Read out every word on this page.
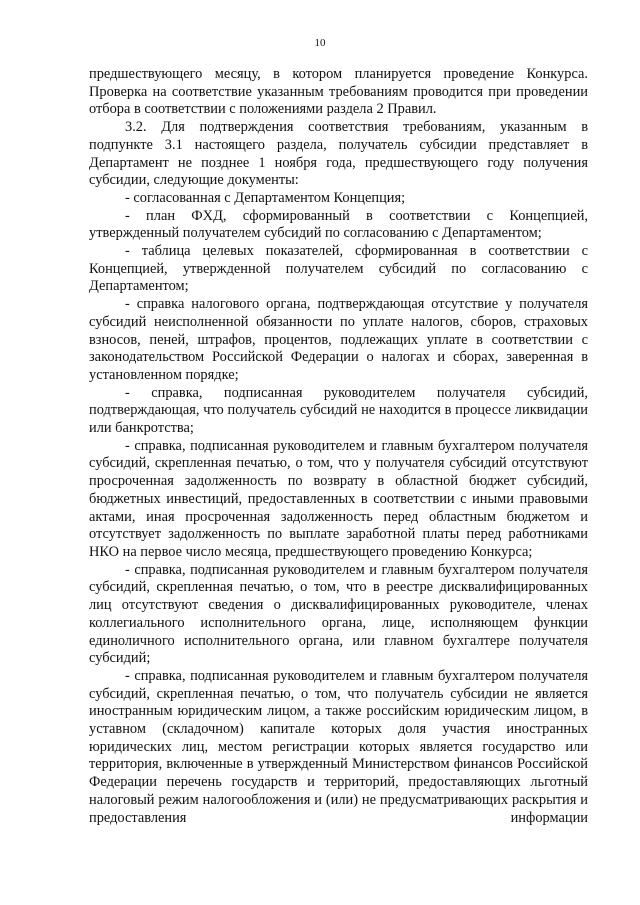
10

предшествующего месяцу, в котором планируется проведение Конкурса. Проверка на соответствие указанным требованиям проводится при проведении отбора в соответствии с положениями раздела 2 Правил.

3.2. Для подтверждения соответствия требованиям, указанным в подпункте 3.1 настоящего раздела, получатель субсидии представляет в Департамент не позднее 1 ноября года, предшествующего году получения субсидии, следующие документы:

- согласованная с Департаментом Концепция;

- план ФХД, сформированный в соответствии с Концепцией, утвержденный получателем субсидий по согласованию с Департаментом;

- таблица целевых показателей, сформированная в соответствии с Концепцией, утвержденной получателем субсидий по согласованию с Департаментом;

- справка налогового органа, подтверждающая отсутствие у получателя субсидий неисполненной обязанности по уплате налогов, сборов, страховых взносов, пеней, штрафов, процентов, подлежащих уплате в соответствии с законодательством Российской Федерации о налогах и сборах, заверенная в установленном порядке;

- справка, подписанная руководителем получателя субсидий, подтверждающая, что получатель субсидий не находится в процессе ликвидации или банкротства;

- справка, подписанная руководителем и главным бухгалтером получателя субсидий, скрепленная печатью, о том, что у получателя субсидий отсутствуют просроченная задолженность по возврату в областной бюджет субсидий, бюджетных инвестиций, предоставленных в соответствии с иными правовыми актами, иная просроченная задолженность перед областным бюджетом и отсутствует задолженность по выплате заработной платы перед работниками НКО на первое число месяца, предшествующего проведению Конкурса;

- справка, подписанная руководителем и главным бухгалтером получателя субсидий, скрепленная печатью, о том, что в реестре дисквалифицированных лиц отсутствуют сведения о дисквалифицированных руководителе, членах коллегиального исполнительного органа, лице, исполняющем функции единоличного исполнительного органа, или главном бухгалтере получателя субсидий;

- справка, подписанная руководителем и главным бухгалтером получателя субсидий, скрепленная печатью, о том, что получатель субсидии не является иностранным юридическим лицом, а также российским юридическим лицом, в уставном (складочном) капитале которых доля участия иностранных юридических лиц, местом регистрации которых является государство или территория, включенные в утвержденный Министерством финансов Российской Федерации перечень государств и территорий, предоставляющих льготный налоговый режим налогообложения и (или) не предусматривающих раскрытия и предоставления информации
